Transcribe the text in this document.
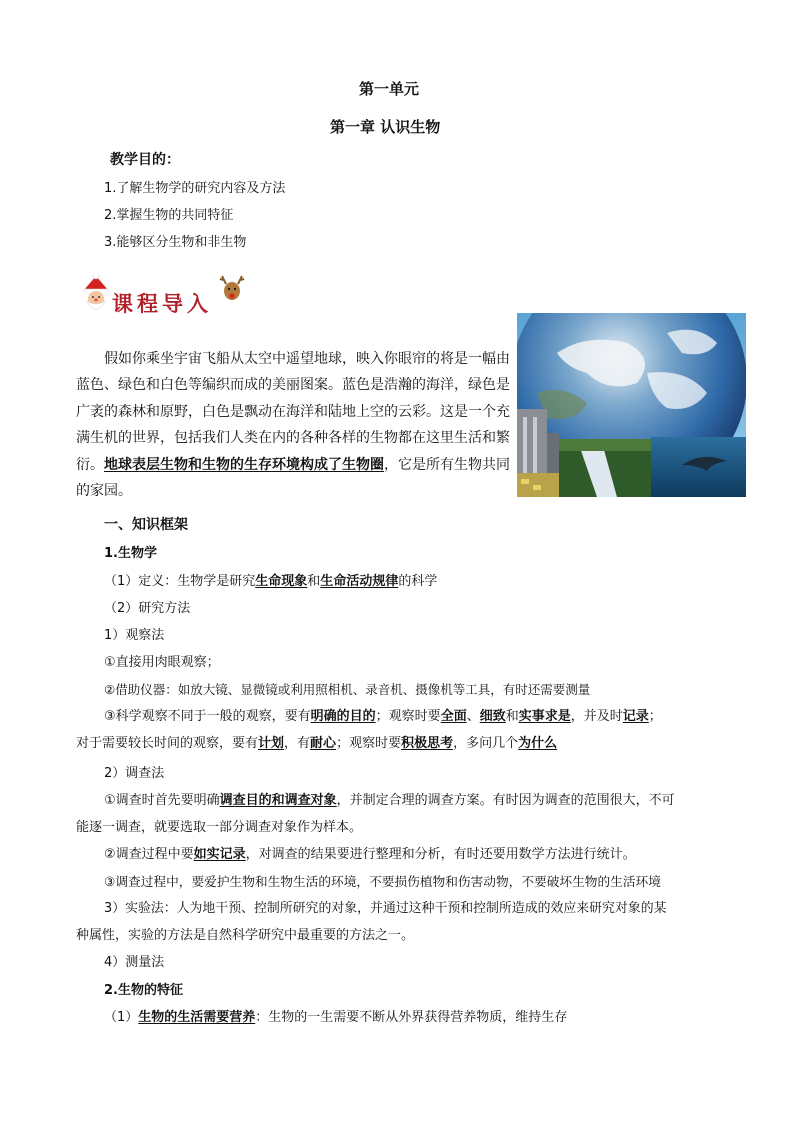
第一单元
第一章 认识生物
教学目的：
1.了解生物学的研究内容及方法
2.掌握生物的共同特征
3.能够区分生物和非生物
课程导入
假如你乘坐宇宙飞船从太空中遥望地球，映入你眼帘的将是一幅由
蓝色、绿色和白色等编织而成的美丽图案。蓝色是浩瀚的海洋，绿色是
广袤的森林和原野，白色是飘动在海洋和陆地上空的云彩。这是一个充
满生机的世界，包括我们人类在内的各种各样的生物都在这里生活和繁
衍。地球表层生物和生物的生存环境构成了生物圈，它是所有生物共同
的家园。
一、知识框架
1.生物学
（1）定义：生物学是研究生命现象和生命活动规律的科学
（2）研究方法
1）观察法
①直接用肉眼观察；
②借助仪器：如放大镜、显微镜或利用照相机、录音机、摄像机等工具，有时还需要测量
③科学观察不同于一般的观察，要有明确的目的；观察时要全面、细致和实事求是，并及时记录；
对于需要较长时间的观察，要有计划，有耐心；观察时要积极思考，多问几个为什么
2）调查法
①调查时首先要明确调查目的和调查对象，并制定合理的调查方案。有时因为调查的范围很大，不可
能逐一调查，就要选取一部分调查对象作为样本。
②调查过程中要如实记录，对调查的结果要进行整理和分析，有时还要用数学方法进行统计。
③调查过程中，要爱护生物和生物生活的环境，不要损伤植物和伤害动物，不要破坏生物的生活环境
3）实验法：人为地干预、控制所研究的对象，并通过这种干预和控制所造成的效应来研究对象的某
种属性，实验的方法是自然科学研究中最重要的方法之一。
4）测量法
2.生物的特征
（1）生物的生活需要营养：生物的一生需要不断从外界获得营养物质，维持生存
